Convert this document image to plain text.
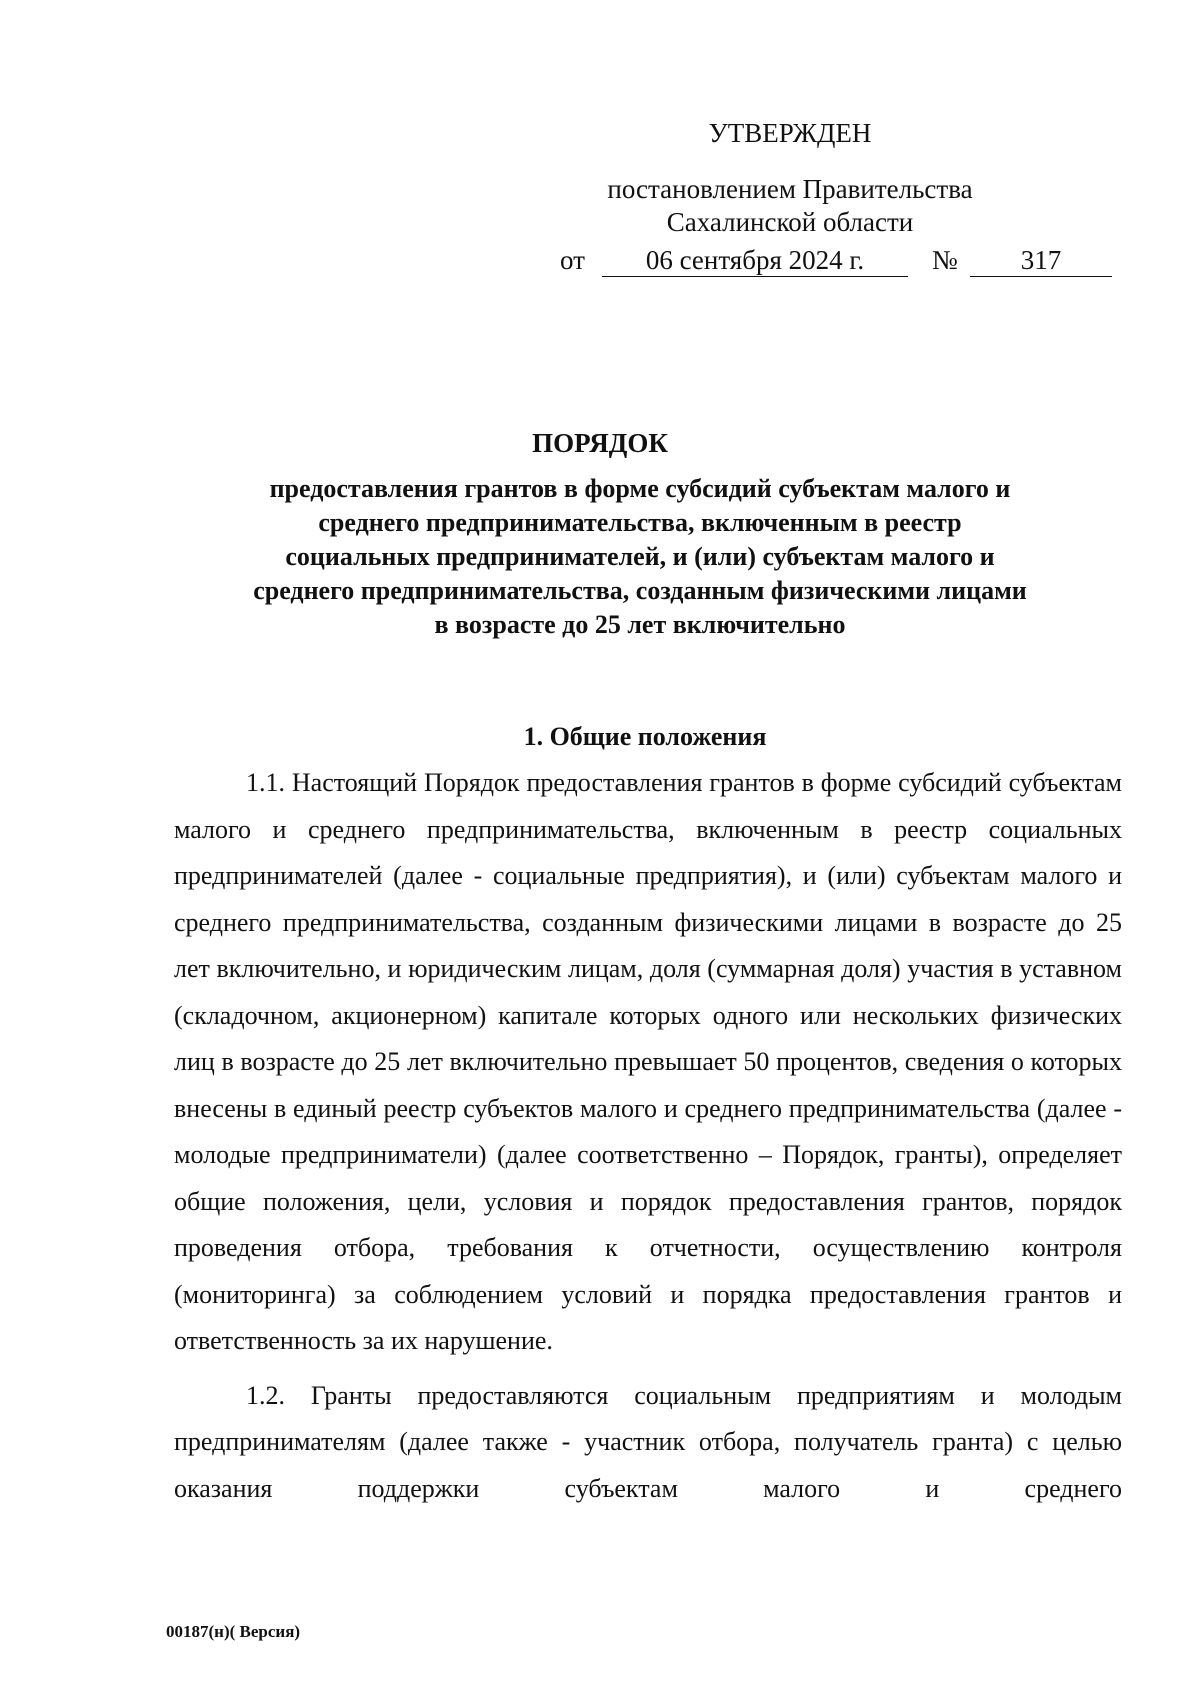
УТВЕРЖДЕН
постановлением Правительства
Сахалинской области
от	06 сентября 2024 г.	№	317
ПОРЯДОК
предоставления грантов в форме субсидий субъектам малого и среднего предпринимательства, включенным в реестр социальных предпринимателей, и (или) субъектам малого и среднего предпринимательства, созданным физическими лицами в возрасте до 25 лет включительно
1. Общие положения

1.1. Настоящий Порядок предоставления грантов в форме субсидий субъектам малого и среднего предпринимательства, включенным в реестр социальных предпринимателей (далее - социальные предприятия), и (или) субъектам малого и среднего предпринимательства, созданным физическими лицами в возрасте до 25 лет включительно, и юридическим лицам, доля (суммарная доля) участия в уставном (складочном, акционерном) капитале которых одного или нескольких физических лиц в возрасте до 25 лет включительно превышает 50 процентов, сведения о которых внесены в единый реестр субъектов малого и среднего предпринимательства (далее - молодые предприниматели) (далее соответственно – Порядок, гранты), определяет общие положения, цели, условия и порядок предоставления грантов, порядок проведения отбора, требования к отчетности, осуществлению контроля (мониторинга) за соблюдением условий и порядка предоставления грантов и ответственность за их нарушение.

1.2. Гранты предоставляются социальным предприятиям и молодым предпринимателям (далее также - участник отбора, получатель гранта) с целью оказания поддержки субъектам малого и среднего

00187(н)( Версия)
